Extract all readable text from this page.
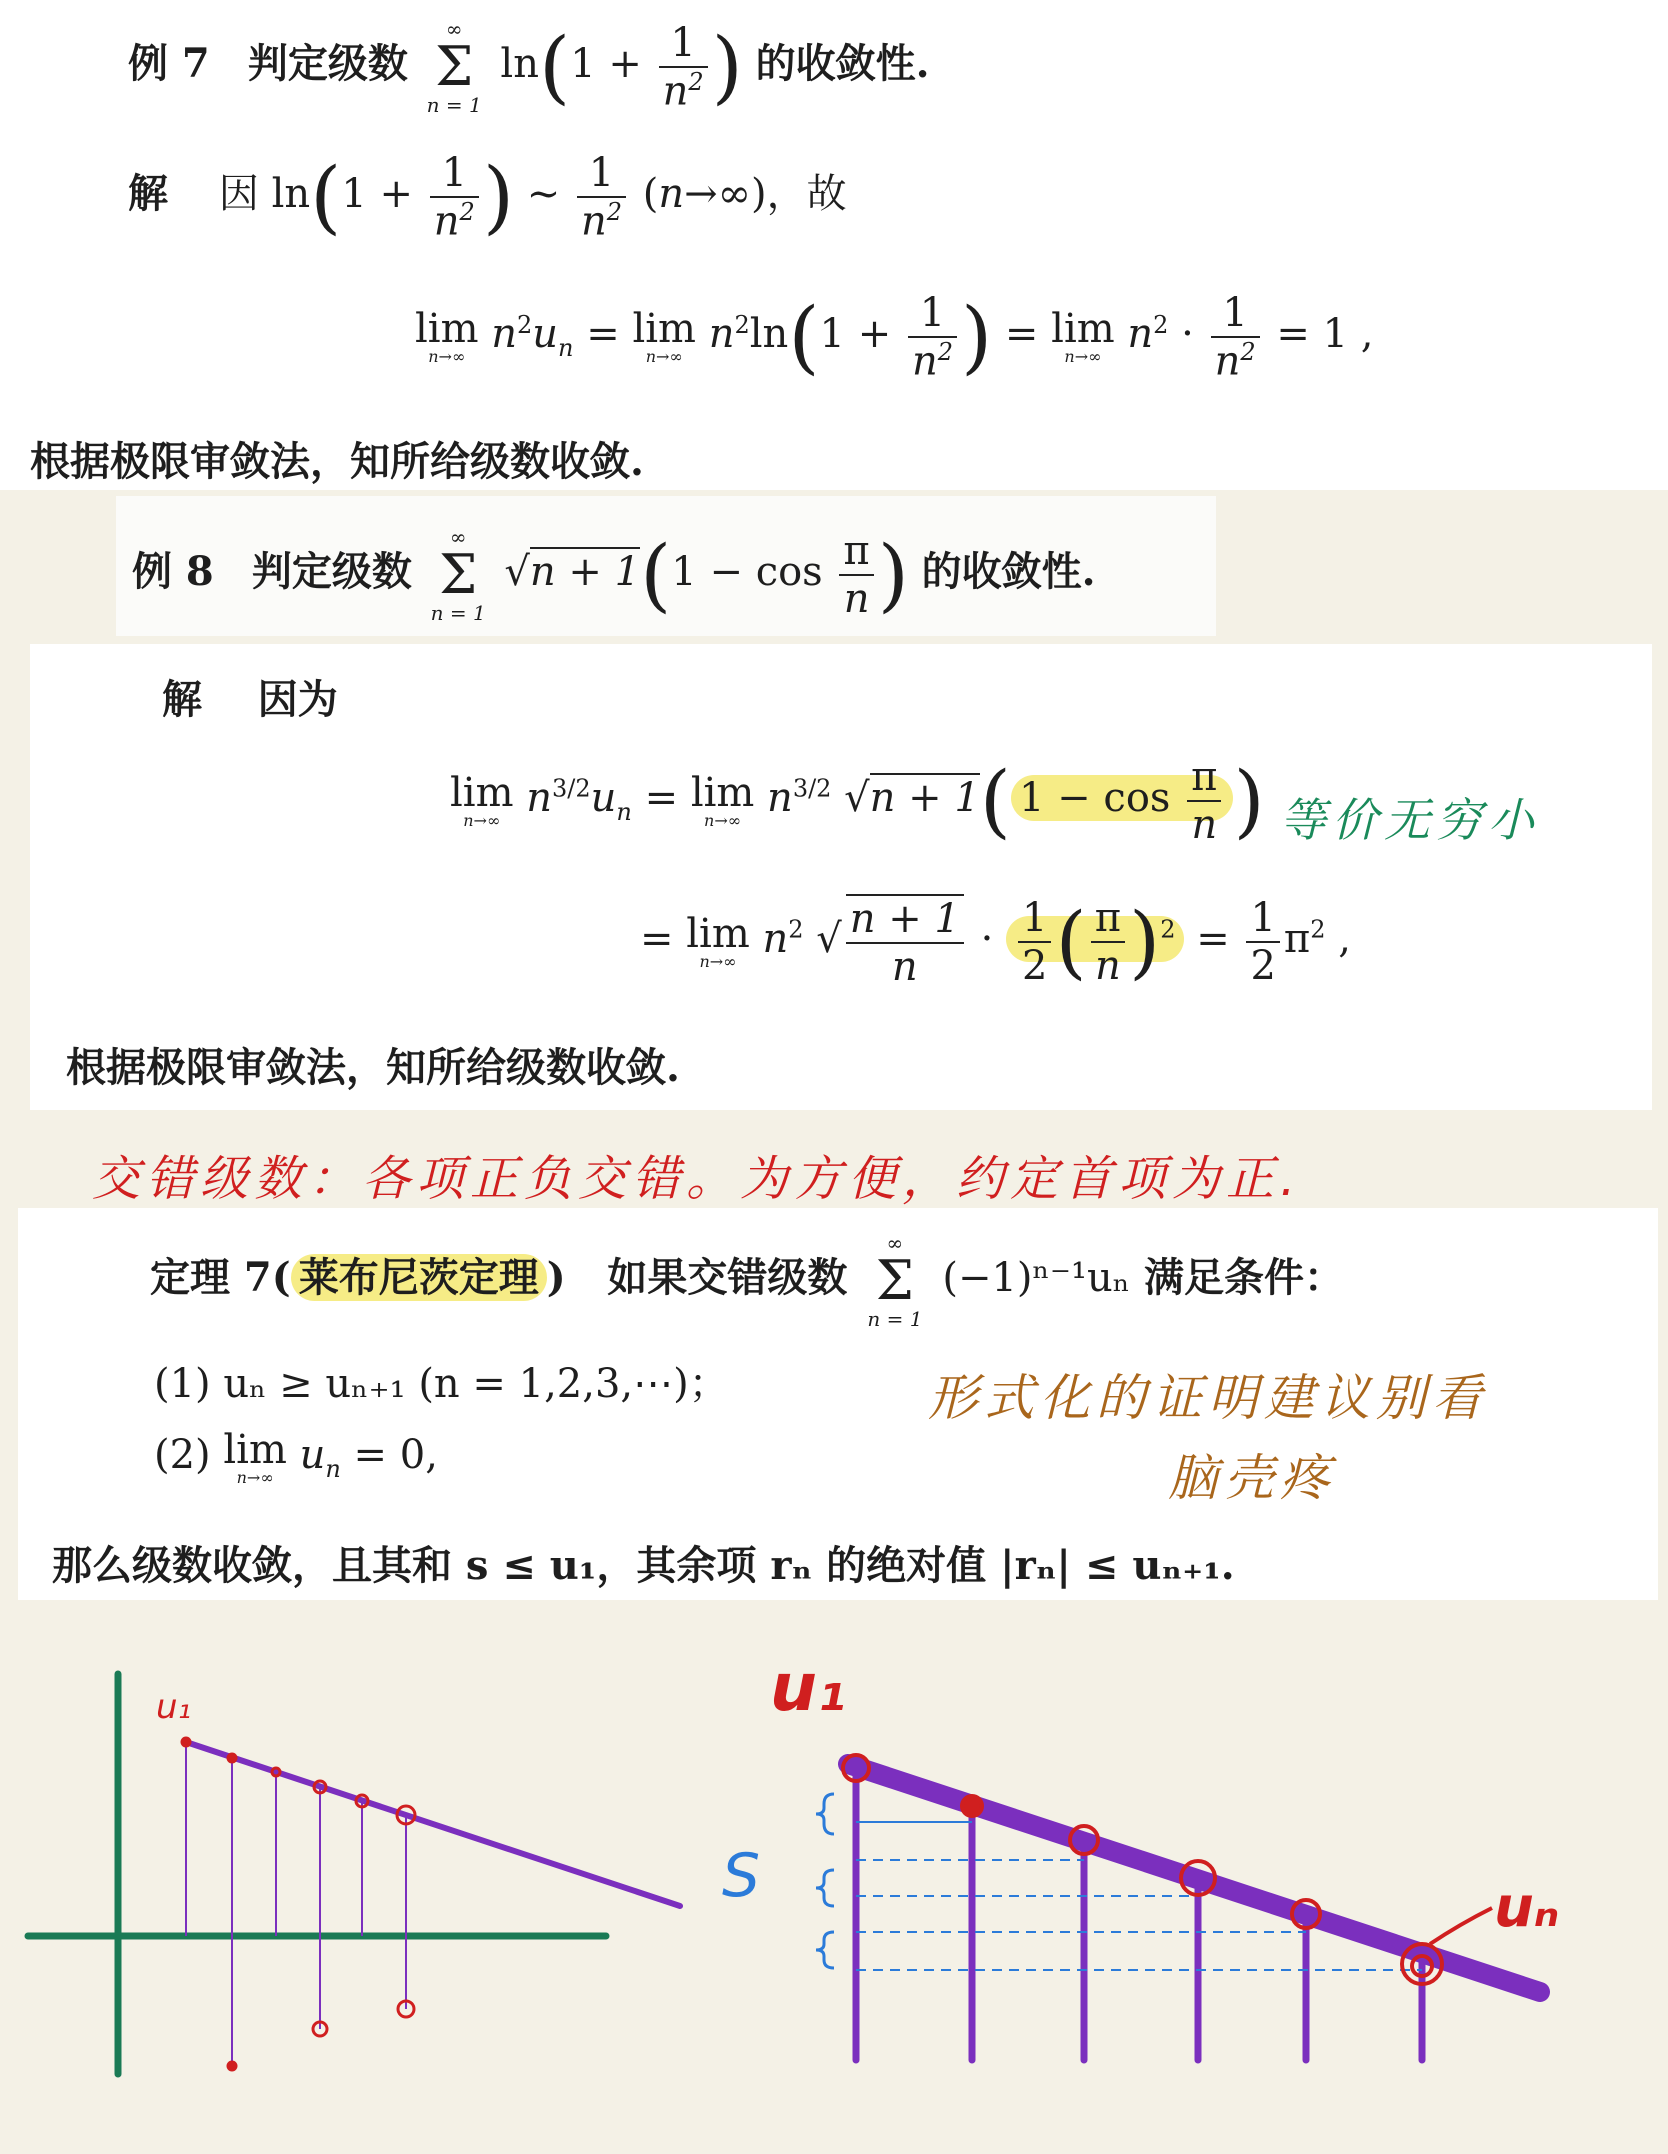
例 7 判定级数 ∞
Σ
n = 1 $\ln(1 + \frac{1}{n^2}$ ) 的收敛性.
解    因 $\ln(1 + \frac{1}{n^2}$ ) ~ $\frac{1}{n^2} (n\to\infty)$，故
lim
n→∞ $n^2u_n = \lim$
n→∞ $n^2\ln(1 + \frac{1}{n^2}$ ) = lim
n→∞ $n^2 \cdot \frac{1}{n^2} = 1$ ,
根据极限审敛法，知所给级数收敛.
例 8 判定级数 ∞
Σ
n = 1 $√n + 1(1 - \cos \frac{\pi}{n}$ ) 的收敛性.
解 因为
lim
n→∞ $n^{3/2}u_n = \lim$
n→∞ $n^{3/2}$ √n + 1( $1 - \cos \frac{\pi}{n}$ ) 等价无穷小
= lim
n→∞ $n^2$ √ $\frac{n + 1}{n} \cdot \frac{1}{2}$ ( $\frac{\pi}{n} )^2 = \frac{1}{2} \pi^2$ ,
根据极限审敛法，知所给级数收敛.
交错级数：各项正负交错。为方便，约定首项为正.
定理 7( 莱布尼茨定理 )   如果交错级数 ∞
Σ
n = 1 (−1)ⁿ⁻¹uₙ 满足条件：
(1) uₙ ≥ uₙ₊₁ (n = 1,2,3,⋯)；
(2) lim
n→∞ $u_n = 0$,
那么级数收敛，且其和 s ≤ u₁，其余项 rₙ 的绝对值 |rₙ| ≤ uₙ₊₁.
形式化的证明建议别看
脑壳疼
u₁	u₁
S	uₙ
